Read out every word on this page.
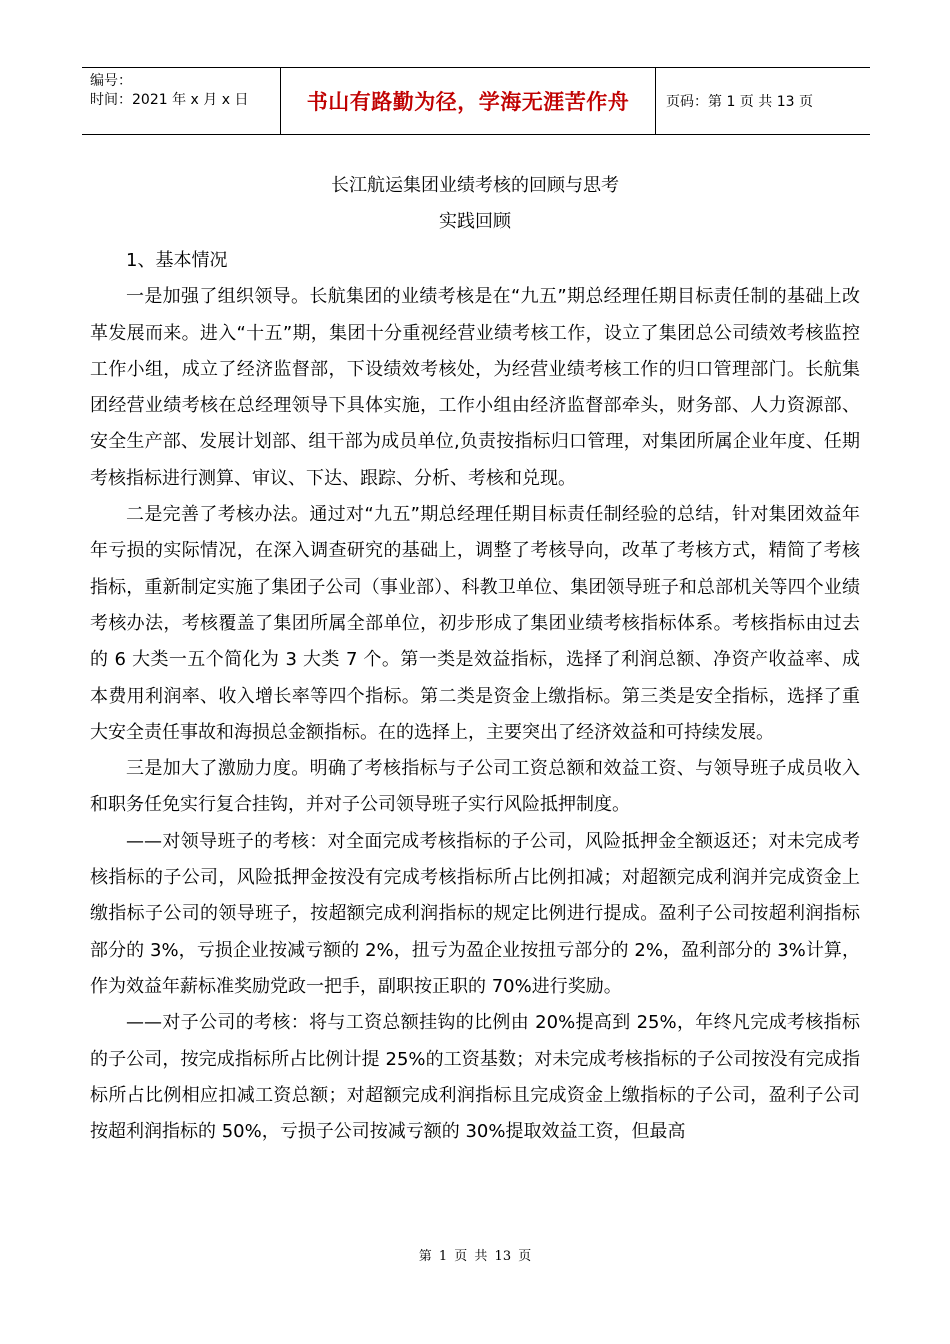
编号：
时间：2021 年 x 月 x 日	书山有路勤为径，学海无涯苦作舟	页码：第 1 页 共 13 页
长江航运集团业绩考核的回顾与思考
实践回顾

1、基本情况

一是加强了组织领导。长航集团的业绩考核是在“九五”期总经理任期目标责任制的基础上改革发展而来。进入“十五”期，集团十分重视经营业绩考核工作，设立了集团总公司绩效考核监控工作小组，成立了经济监督部，下设绩效考核处，为经营业绩考核工作的归口管理部门。长航集团经营业绩考核在总经理领导下具体实施，工作小组由经济监督部牵头，财务部、人力资源部、安全生产部、发展计划部、组干部为成员单位,负责按指标归口管理，对集团所属企业年度、任期考核指标进行测算、审议、下达、跟踪、分析、考核和兑现。

二是完善了考核办法。通过对“九五”期总经理任期目标责任制经验的总结，针对集团效益年年亏损的实际情况，在深入调查研究的基础上，调整了考核导向，改革了考核方式，精简了考核指标，重新制定实施了集团子公司（事业部）、科教卫单位、集团领导班子和总部机关等四个业绩考核办法，考核覆盖了集团所属全部单位，初步形成了集团业绩考核指标体系。考核指标由过去的 6 大类一五个简化为 3 大类 7 个。第一类是效益指标，选择了利润总额、净资产收益率、成本费用利润率、收入增长率等四个指标。第二类是资金上缴指标。第三类是安全指标，选择了重大安全责任事故和海损总金额指标。在的选择上，主要突出了经济效益和可持续发展。

三是加大了激励力度。明确了考核指标与子公司工资总额和效益工资、与领导班子成员收入和职务任免实行复合挂钩，并对子公司领导班子实行风险抵押制度。

——对领导班子的考核：对全面完成考核指标的子公司，风险抵押金全额返还；对未完成考核指标的子公司，风险抵押金按没有完成考核指标所占比例扣减；对超额完成利润并完成资金上缴指标子公司的领导班子，按超额完成利润指标的规定比例进行提成。盈利子公司按超利润指标部分的 3%，亏损企业按减亏额的 2%，扭亏为盈企业按扭亏部分的 2%，盈利部分的 3%计算，作为效益年薪标准奖励党政一把手，副职按正职的 70%进行奖励。

——对子公司的考核：将与工资总额挂钩的比例由 20%提高到 25%，年终凡完成考核指标的子公司，按完成指标所占比例计提 25%的工资基数；对未完成考核指标的子公司按没有完成指标所占比例相应扣减工资总额；对超额完成利润指标且完成资金上缴指标的子公司，盈利子公司按超利润指标的 50%，亏损子公司按减亏额的 30%提取效益工资，但最高

第 1 页 共 13 页
